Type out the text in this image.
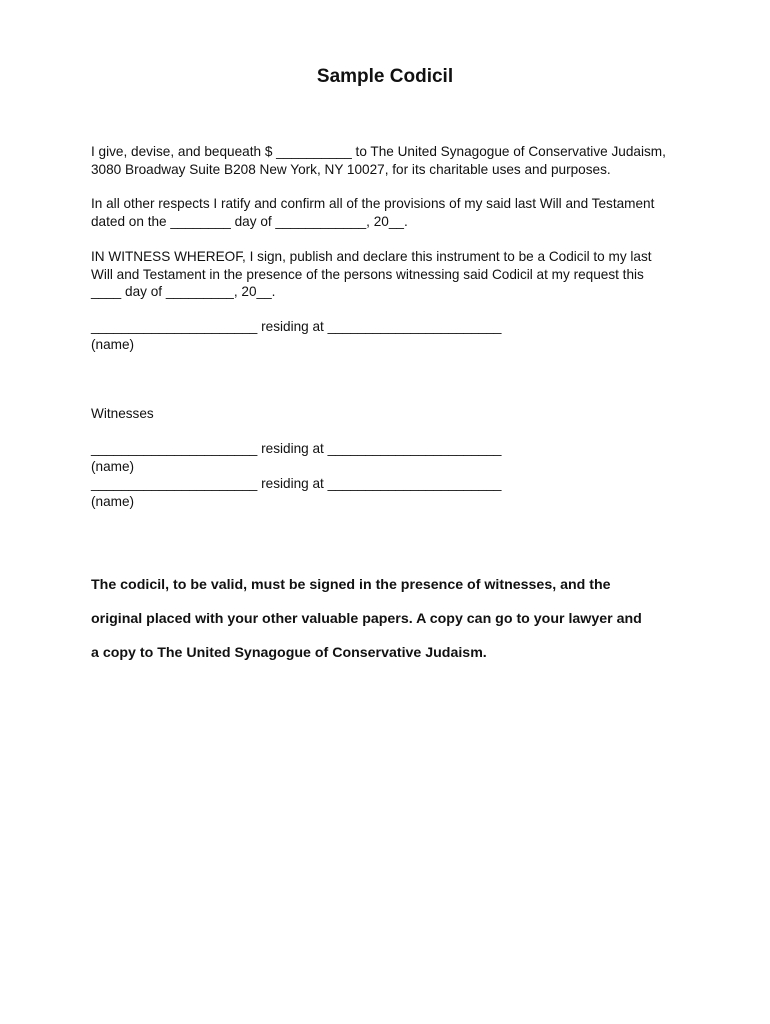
Sample Codicil

I give, devise, and bequeath $ __________ to The United Synagogue of Conservative Judaism,

3080 Broadway Suite B208 New York, NY 10027, for its charitable uses and purposes.

In all other respects I ratify and confirm all of the provisions of my said last Will and Testament

dated on the ________ day of ____________, 20__.

IN WITNESS WHEREOF, I sign, publish and declare this instrument to be a Codicil to my last

Will and Testament in the presence of the persons witnessing said Codicil at my request this

____ day of _________, 20__.

______________________ residing at _______________________

(name)

Witnesses

______________________ residing at _______________________

(name)

______________________ residing at _______________________

(name)

The codicil, to be valid, must be signed in the presence of witnesses, and the

original placed with your other valuable papers. A copy can go to your lawyer and

a copy to The United Synagogue of Conservative Judaism.
